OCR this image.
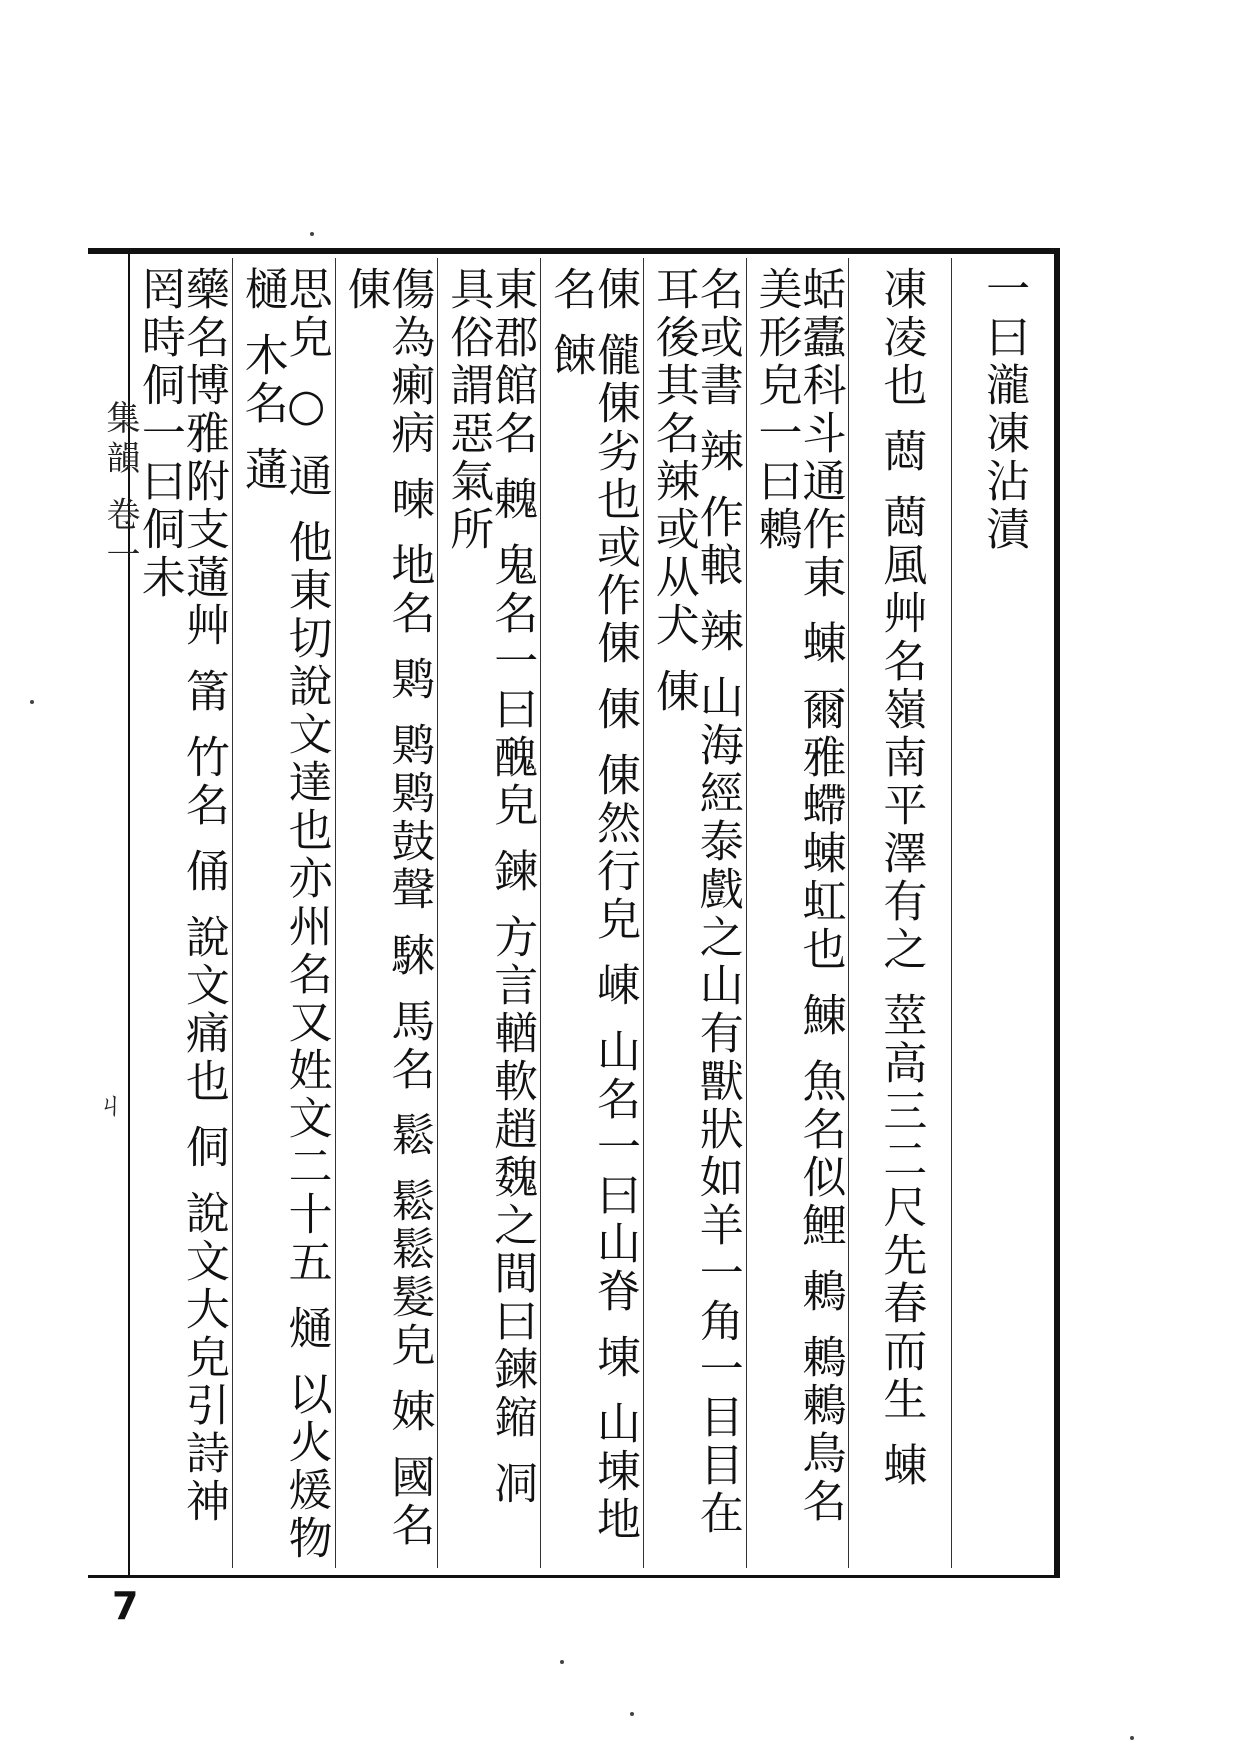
集韻 卷一
ㄐ
一曰瀧凍沾漬
凍凌也 蕄 蕄風艸名嶺南平澤有之 莖高三二尺先春而生 蝀
蛞蠹科斗通作東 蝀 爾雅螮蝀虹也 鯟 魚名似鯉 鶇 鶇鶫鳥名美形皃一曰鶫
名或書 辣 作䡙 辣 山海經泰戲之山有獸狀如羊一角一目目在耳後其名辣或从犬 倲
倲 儱倲劣也或作倲 倲 倲然行皃 崠 山名一曰山脊 埬 山埬地名 餗
東郡館名 䰤 鬼名一曰醜皃 鍊 方言輶軟趙魏之間曰鍊鏥 㓊 具俗謂惡氣所
傷為瘌病 暕 地名 䴗 䴗䴗鼓聲 騋 馬名 鬆 鬆鬆髮皃 娕 國名 倲
思皃 ○ 通 他東切說文達也亦州名又姓文二十五 熥 以火煖物 樋 木名 蓪
藥名博雅附支蓪艸 筩 竹名 俑 說文痛也 侗 說文大皃引詩神罔時侗一曰侗未
7
